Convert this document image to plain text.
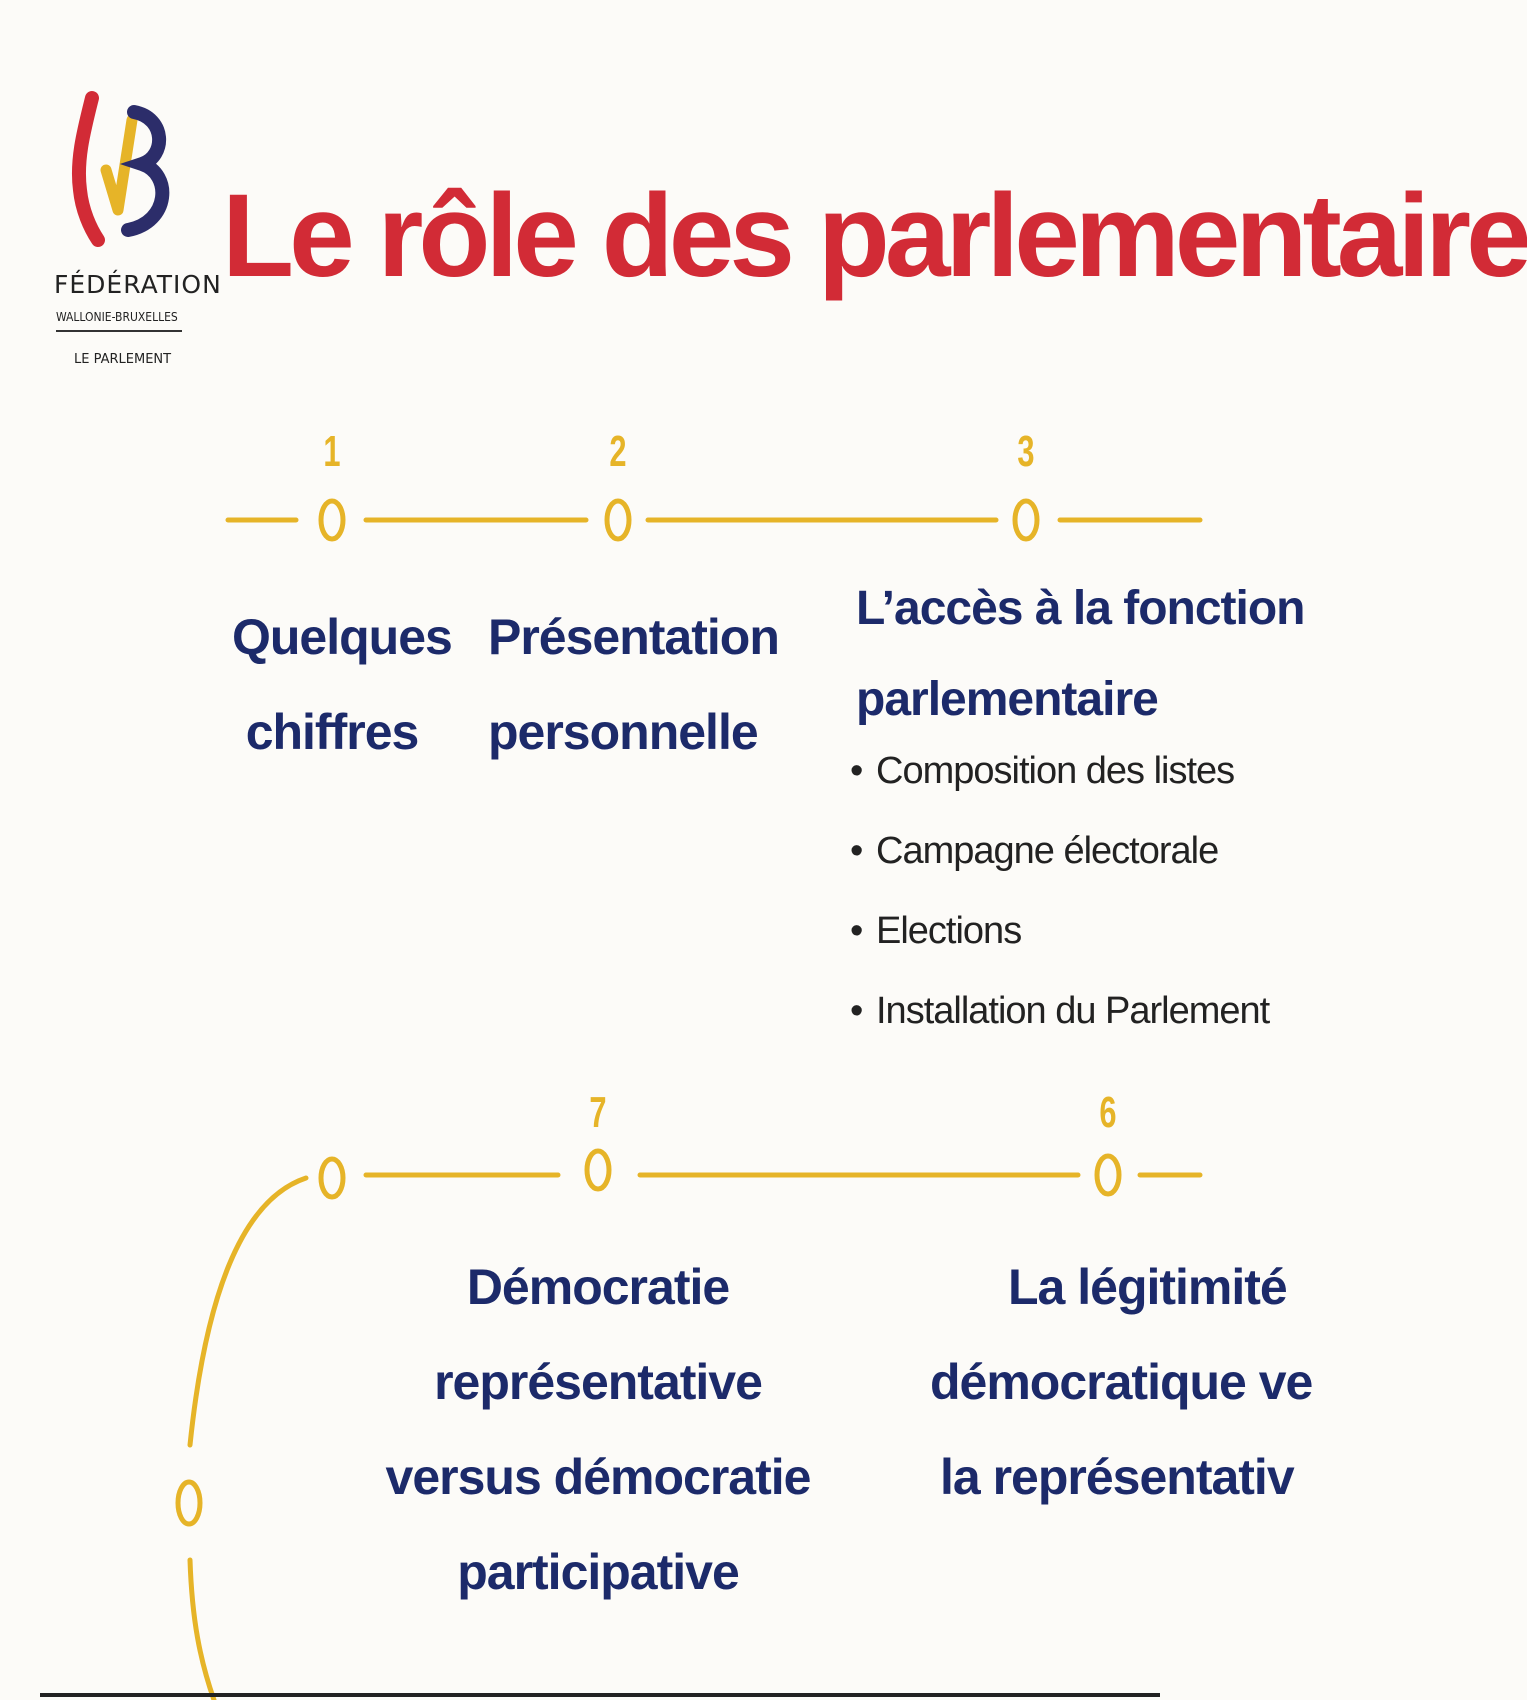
FÉDÉRATION
WALLONIE-BRUXELLES
LE PARLEMENT
Le rôle des parlementaire
1	2	3
7	6
Quelques
chiffres
Présentation
personnelle
L’accès à la fonction
parlementaire
• Composition des listes
• Campagne électorale
• Elections
• Installation du Parlement
Démocratie représentative
versus démocratie
participative
La légitimité
démocratique ve
la représentativ
